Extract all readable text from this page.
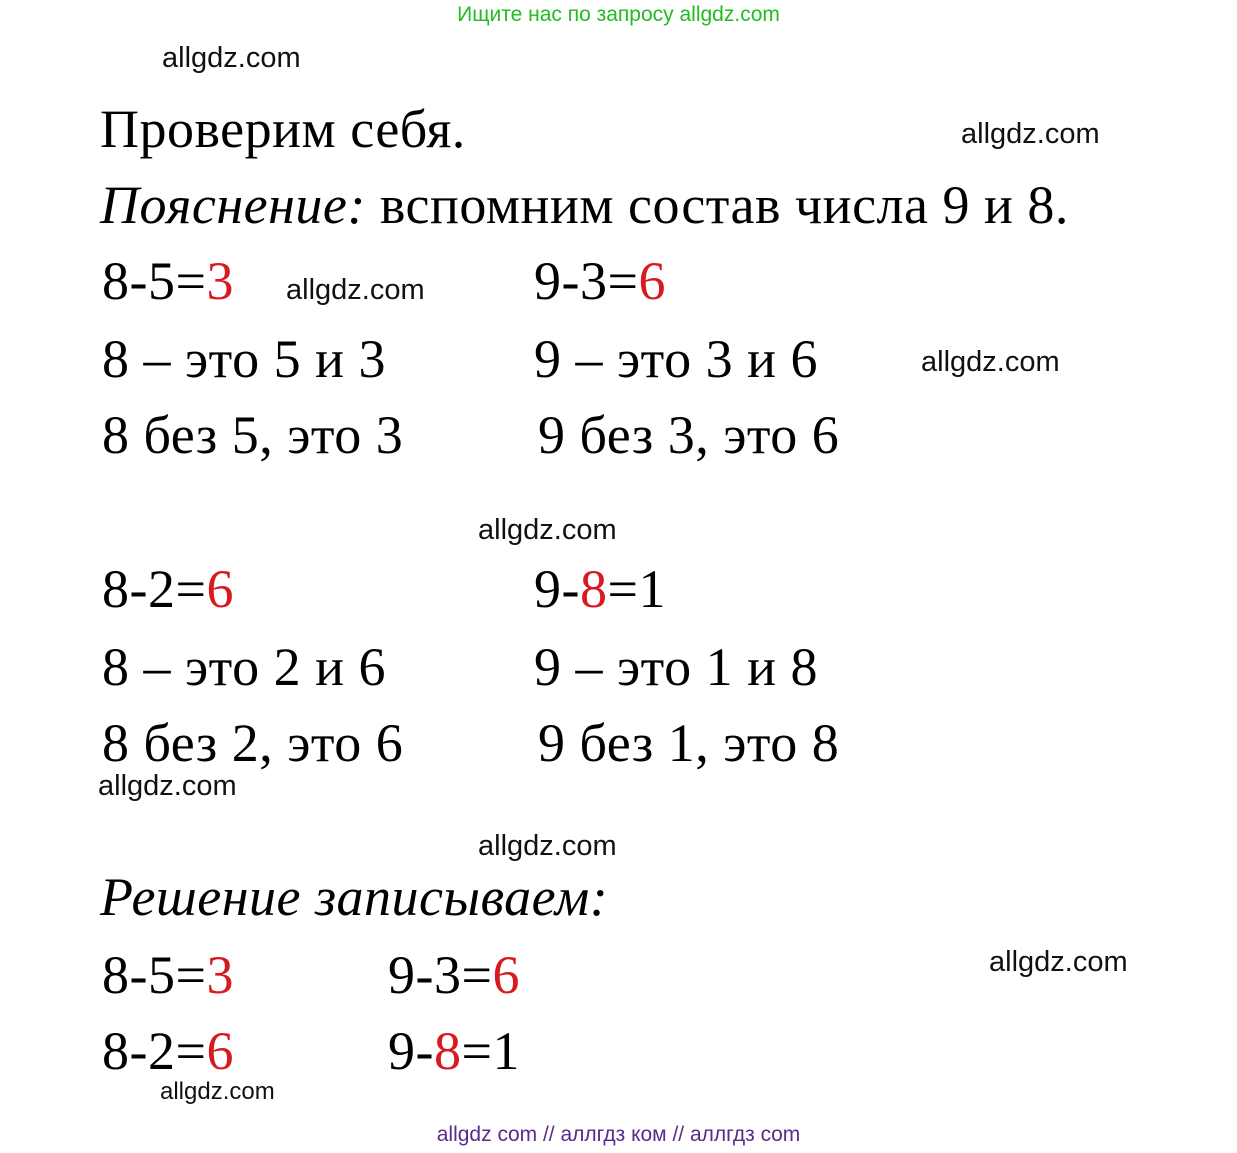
Ищите нас по запросу allgdz.com
allgdz com // аллгдз ком // аллгдз com
allgdz.com
allgdz.com
allgdz.com
allgdz.com
allgdz.com
allgdz.com
allgdz.com
allgdz.com
allgdz.com
Проверим себя.
Пояснение: вспомним состав числа 9 и 8.
8-5=3
8 – это 5 и 3
8 без 5, это 3
9-3=6
9 – это 3 и 6
9 без 3, это 6
8-2=6
8 – это 2 и 6
8 без 2, это 6
9-8=1
9 – это 1 и 8
9 без 1, это 8
Решение записываем:
8-5=3	9-3=6
8-2=6	9-8=1
